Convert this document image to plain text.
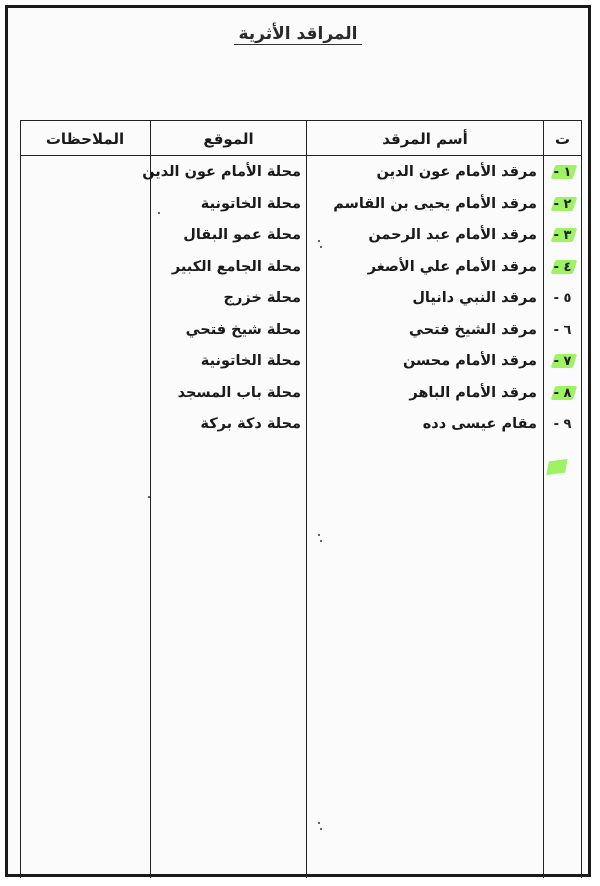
المراقد الأثرية
ت
أسم المرقد
الموقع
الملاحظات
١ -
مرقد الأمام عون الدين
محلة الأمام عون الدين
٢ -
مرقد الأمام يحيى بن القاسم
محلة الخاتونية
٣ -
مرقد الأمام عبد الرحمن
محلة عمو البقال
٤ -
مرقد الأمام علي الأصغر
محلة الجامع الكبير
٥ -
مرقد النبي دانيال
محلة خزرج
٦ -
مرقد الشيخ فتحي
محلة شيخ فتحي
٧ -
مرقد الأمام محسن
محلة الخاتونية
٨ -
مرقد الأمام الباهر
محلة باب المسجد
٩ -
مقام عيسى دده
محلة دكة بركة
